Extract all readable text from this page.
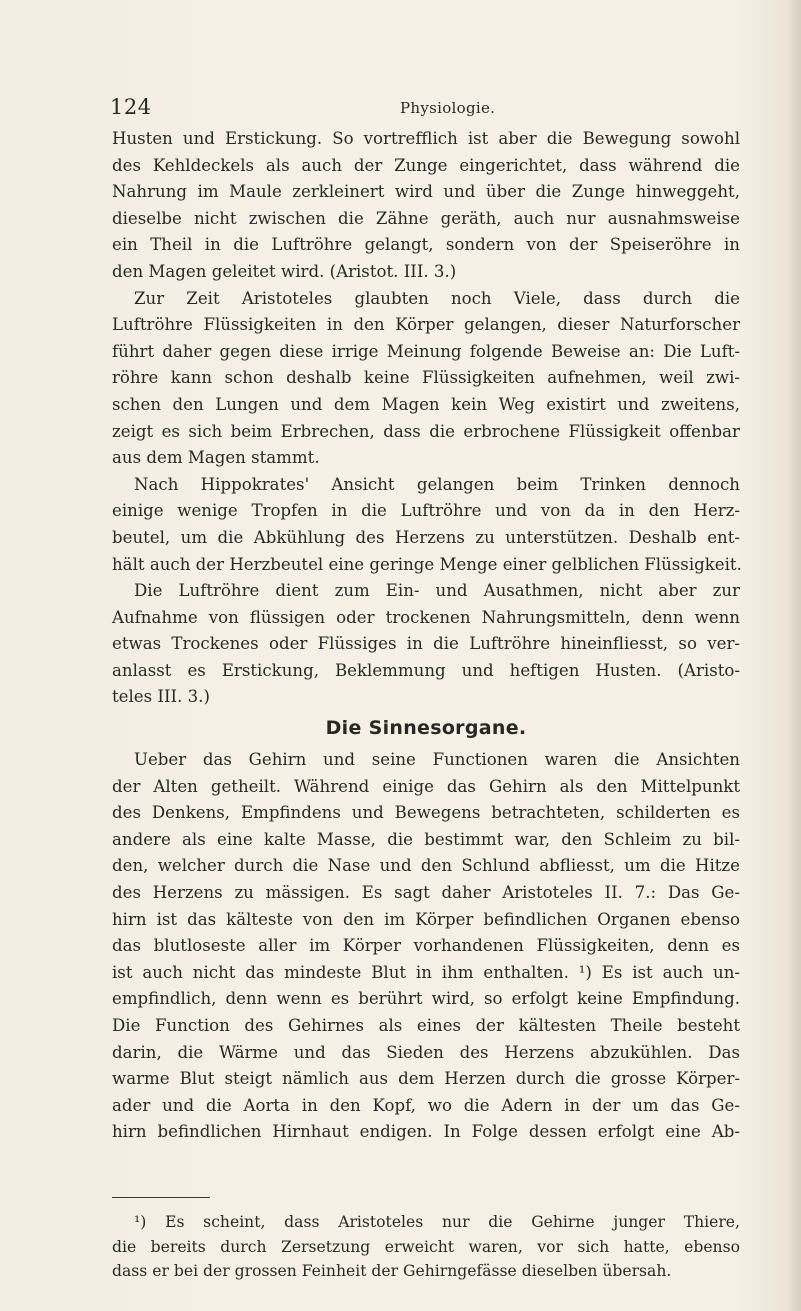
124	Physiologie.
Husten und Erstickung. So vortrefflich ist aber die Bewegung sowohl
des Kehldeckels als auch der Zunge eingerichtet, dass während die
Nahrung im Maule zerkleinert wird und über die Zunge hinweggeht,
dieselbe nicht zwischen die Zähne geräth, auch nur ausnahmsweise
ein Theil in die Luftröhre gelangt, sondern von der Speiseröhre in
den Magen geleitet wird. (Aristot. III. 3.)
Zur Zeit Aristoteles glaubten noch Viele, dass durch die
Luftröhre Flüssigkeiten in den Körper gelangen, dieser Naturforscher
führt daher gegen diese irrige Meinung folgende Beweise an: Die Luft-
röhre kann schon deshalb keine Flüssigkeiten aufnehmen, weil zwi-
schen den Lungen und dem Magen kein Weg existirt und zweitens,
zeigt es sich beim Erbrechen, dass die erbrochene Flüssigkeit offenbar
aus dem Magen stammt.
Nach Hippokrates' Ansicht gelangen beim Trinken dennoch
einige wenige Tropfen in die Luftröhre und von da in den Herz-
beutel, um die Abkühlung des Herzens zu unterstützen. Deshalb ent-
hält auch der Herzbeutel eine geringe Menge einer gelblichen Flüssigkeit.
Die Luftröhre dient zum Ein- und Ausathmen, nicht aber zur
Aufnahme von flüssigen oder trockenen Nahrungsmitteln, denn wenn
etwas Trockenes oder Flüssiges in die Luftröhre hineinfliesst, so ver-
anlasst es Erstickung, Beklemmung und heftigen Husten. (Aristo-
teles III. 3.)
Die Sinnesorgane.
Ueber das Gehirn und seine Functionen waren die Ansichten
der Alten getheilt. Während einige das Gehirn als den Mittelpunkt
des Denkens, Empfindens und Bewegens betrachteten, schilderten es
andere als eine kalte Masse, die bestimmt war, den Schleim zu bil-
den, welcher durch die Nase und den Schlund abfliesst, um die Hitze
des Herzens zu mässigen. Es sagt daher Aristoteles II. 7.: Das Ge-
hirn ist das kälteste von den im Körper befindlichen Organen ebenso
das blutloseste aller im Körper vorhandenen Flüssigkeiten, denn es
ist auch nicht das mindeste Blut in ihm enthalten. ¹) Es ist auch un-
empfindlich, denn wenn es berührt wird, so erfolgt keine Empfindung.
Die Function des Gehirnes als eines der kältesten Theile besteht
darin, die Wärme und das Sieden des Herzens abzukühlen. Das
warme Blut steigt nämlich aus dem Herzen durch die grosse Körper-
ader und die Aorta in den Kopf, wo die Adern in der um das Ge-
hirn befindlichen Hirnhaut endigen. In Folge dessen erfolgt eine Ab-
¹) Es scheint, dass Aristoteles nur die Gehirne junger Thiere,
die bereits durch Zersetzung erweicht waren, vor sich hatte, ebenso
dass er bei der grossen Feinheit der Gehirngefässe dieselben übersah.
